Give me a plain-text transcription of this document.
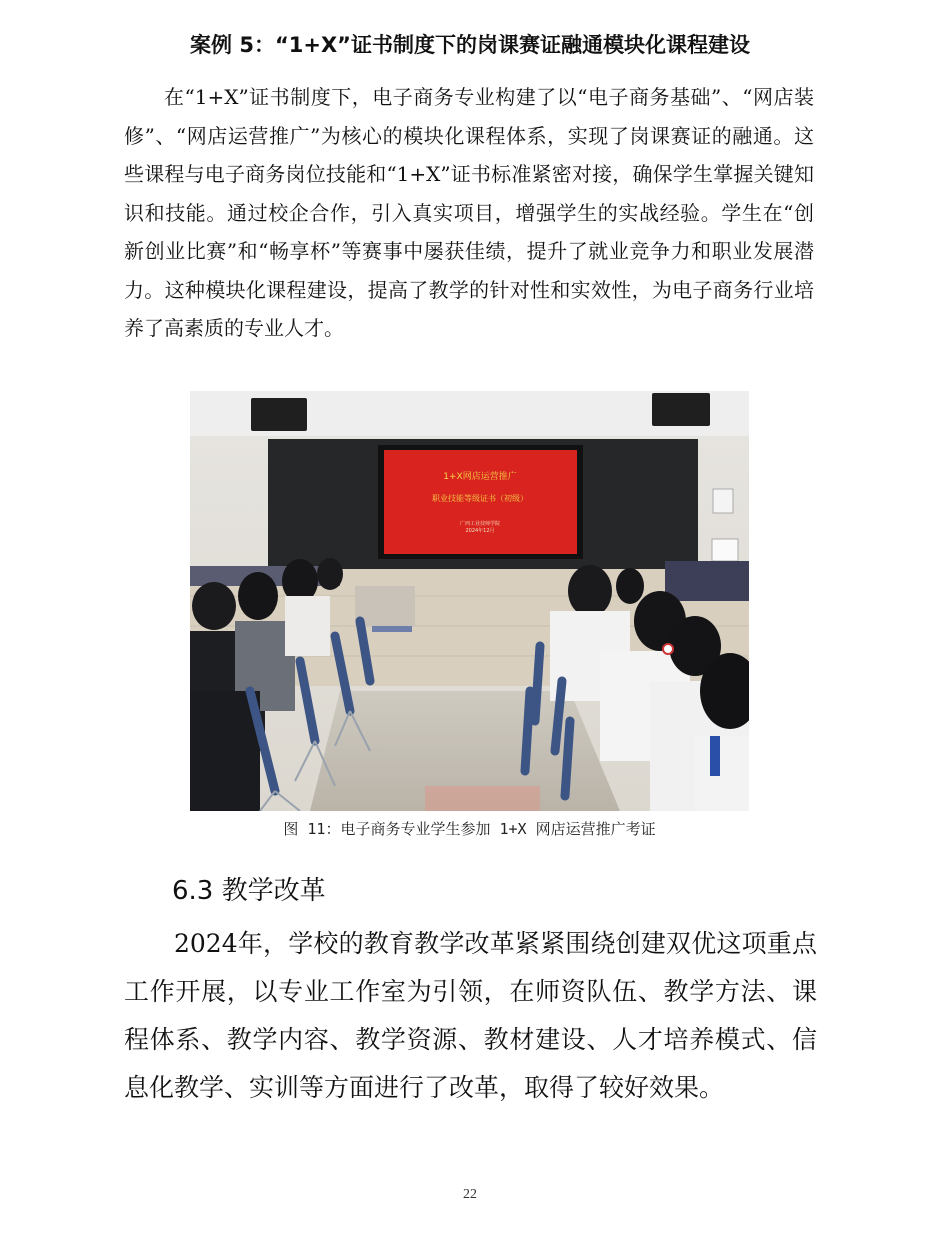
案例 5：“1+X”证书制度下的岗课赛证融通模块化课程建设

在“1+X”证书制度下，电子商务专业构建了以“电子商务基础”、“网店装修”、“网店运营推广”为核心的模块化课程体系，实现了岗课赛证的融通。这些课程与电子商务岗位技能和“1+X”证书标准紧密对接，确保学生掌握关键知识和技能。通过校企合作，引入真实项目，增强学生的实战经验。学生在“创新创业比赛”和“畅享杯”等赛事中屡获佳绩，提升了就业竞争力和职业发展潜力。这种模块化课程建设，提高了教学的针对性和实效性，为电子商务行业培养了高素质的专业人才。

1+X网店运营推广
职业技能等级证书（初级）
广西工业技师学院
2024年12月
图 11：电子商务专业学生参加 1+X 网店运营推广考证
6.3 教学改革

2024年，学校的教育教学改革紧紧围绕创建双优这项重点工作开展，以专业工作室为引领，在师资队伍、教学方法、课程体系、教学内容、教学资源、教材建设、人才培养模式、信息化教学、实训等方面进行了改革，取得了较好效果。

22
